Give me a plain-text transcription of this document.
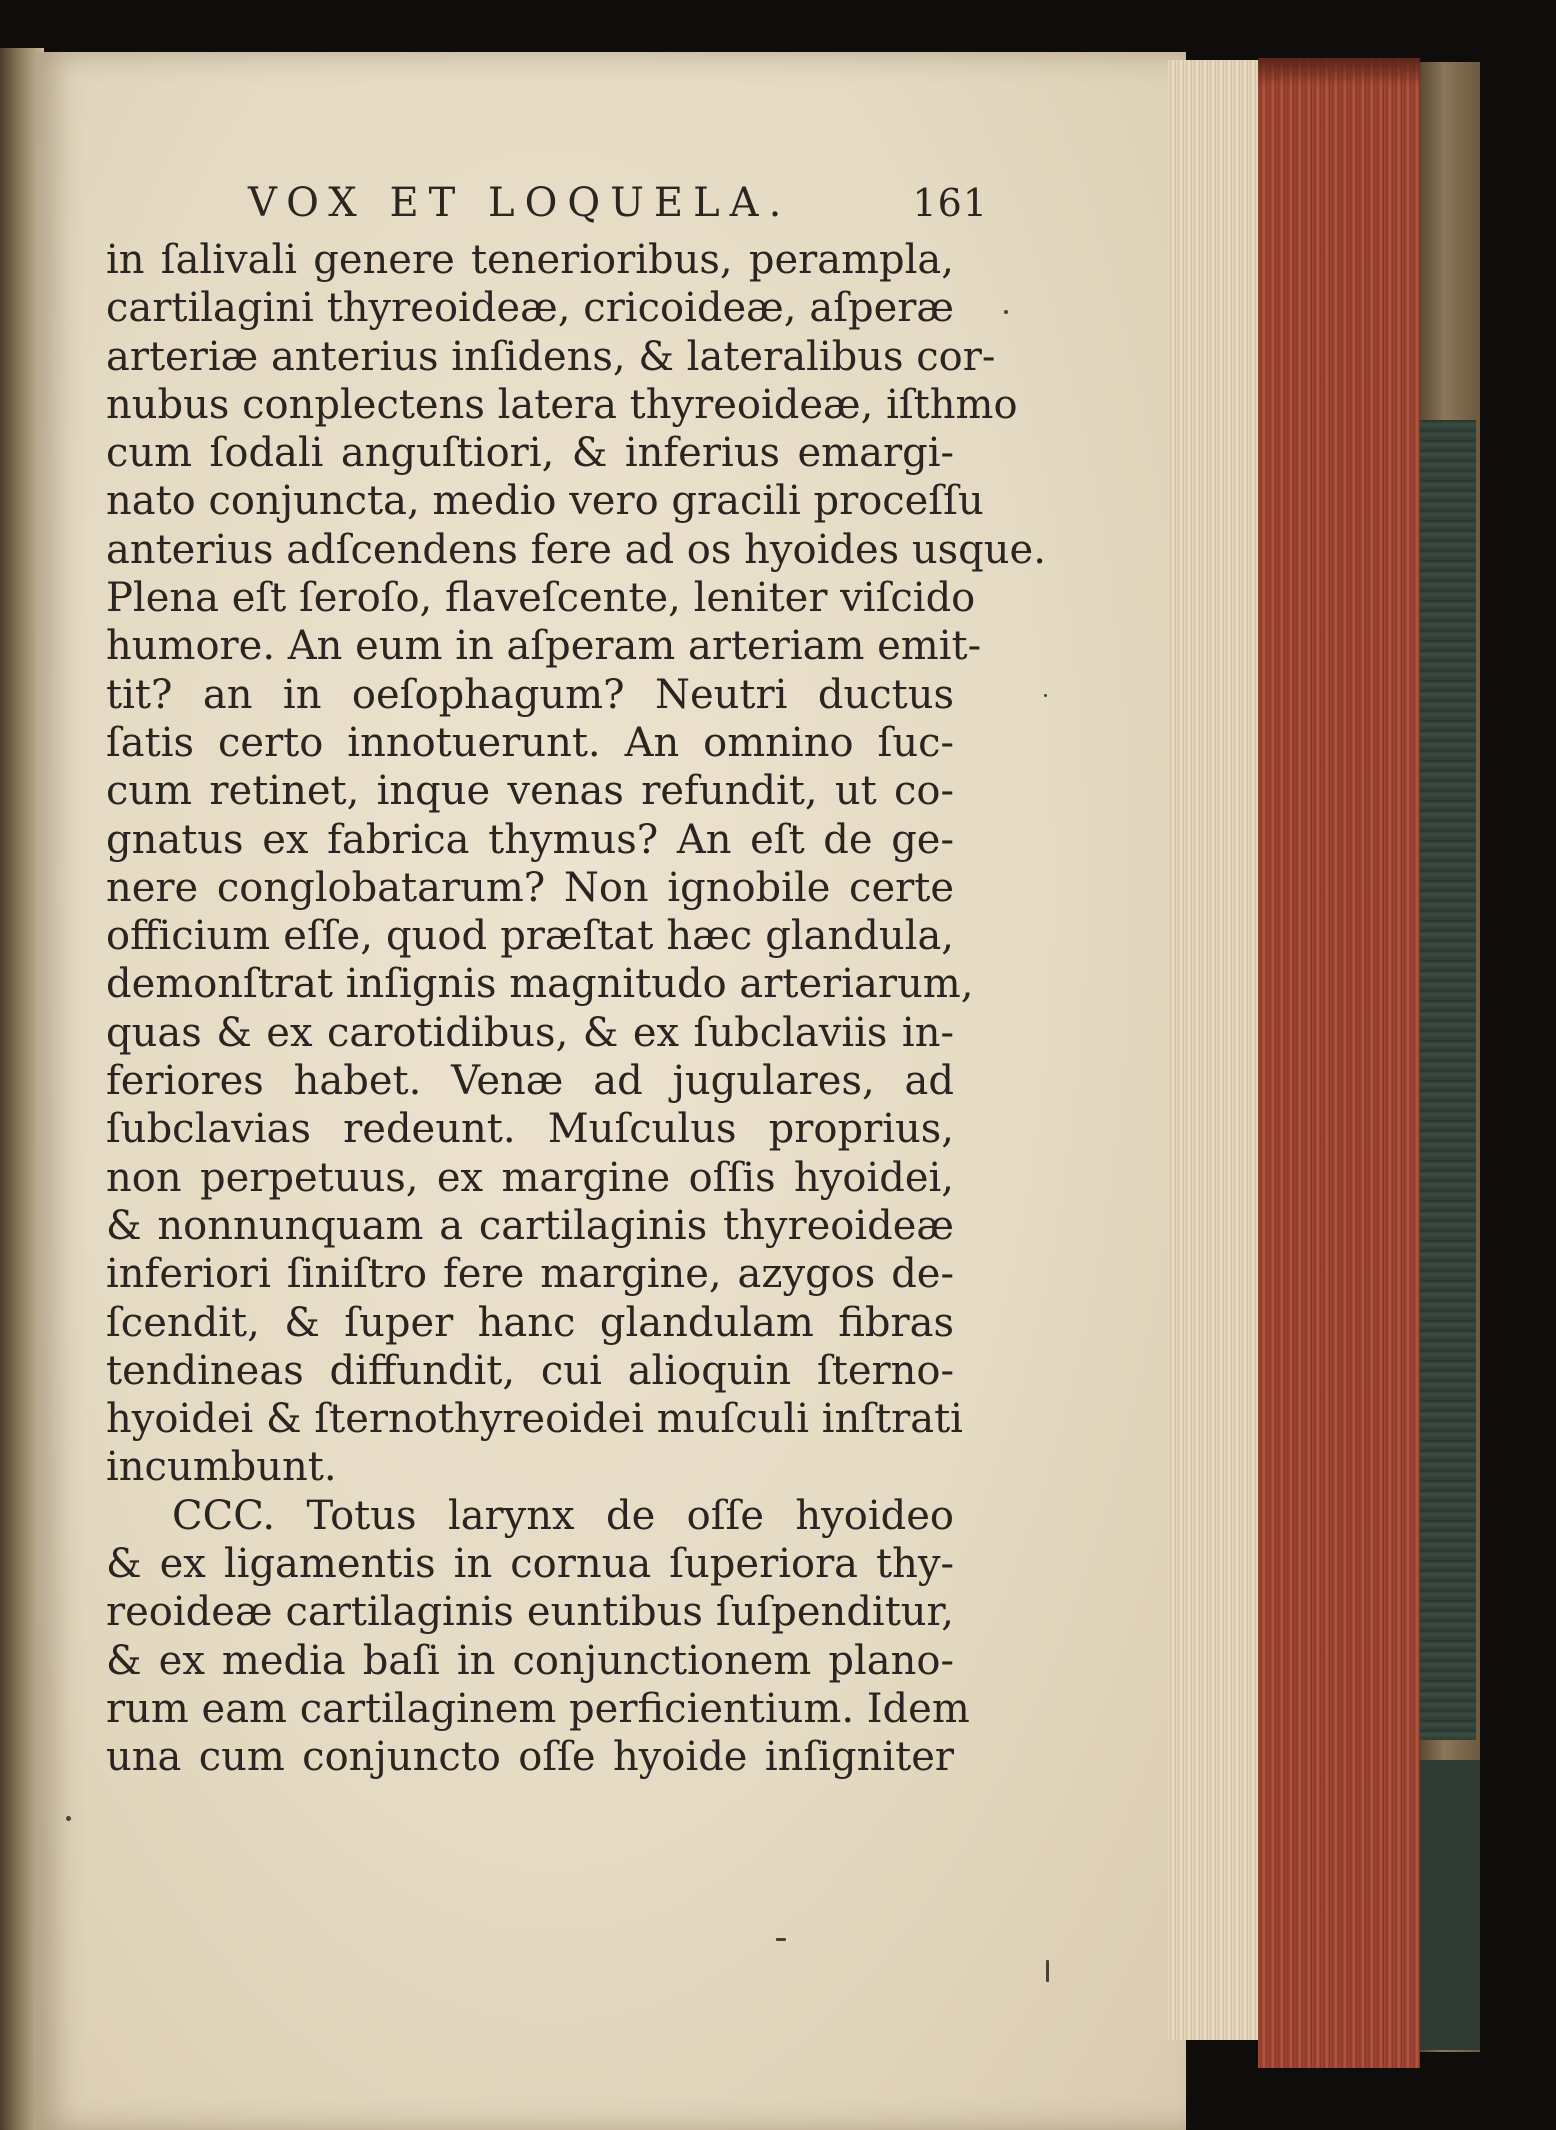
VOX ET LOQUELA.	161
in ſalivali genere tenerioribus, perampla,
cartilagini thyreoideæ, cricoideæ, aſperæ
arteriæ anterius inſidens, & lateralibus cor-
nubus conplectens latera thyreoideæ, iſthmo
cum ſodali anguſtiori, & inferius emargi-
nato conjuncta, medio vero gracili proceſſu
anterius adſcendens fere ad os hyoides usque.
Plena eſt ſeroſo, flaveſcente, leniter viſcido
humore. An eum in aſperam arteriam emit-
tit? an in oeſophagum? Neutri ductus
ſatis certo innotuerunt. An omnino ſuc-
cum retinet, inque venas refundit, ut co-
gnatus ex fabrica thymus? An eſt de ge-
nere conglobatarum? Non ignobile certe
officium eſſe, quod præſtat hæc glandula,
demonſtrat inſignis magnitudo arteriarum,
quas & ex carotidibus, & ex ſubclaviis in-
feriores habet. Venæ ad jugulares, ad
ſubclavias redeunt. Muſculus proprius,
non perpetuus, ex margine oſſis hyoidei,
& nonnunquam a cartilaginis thyreoideæ
inferiori ſiniſtro fere margine, azygos de-
ſcendit, & ſuper hanc glandulam fibras
tendineas diffundit, cui alioquin ſterno-
hyoidei & ſternothyreoidei muſculi inſtrati
incumbunt.
CCC. Totus larynx de oſſe hyoideo
& ex ligamentis in cornua ſuperiora thy-
reoideæ cartilaginis euntibus ſuſpenditur,
& ex media baſi in conjunctionem plano-
rum eam cartilaginem perficientium. Idem
una cum conjuncto oſſe hyoide inſigniter
